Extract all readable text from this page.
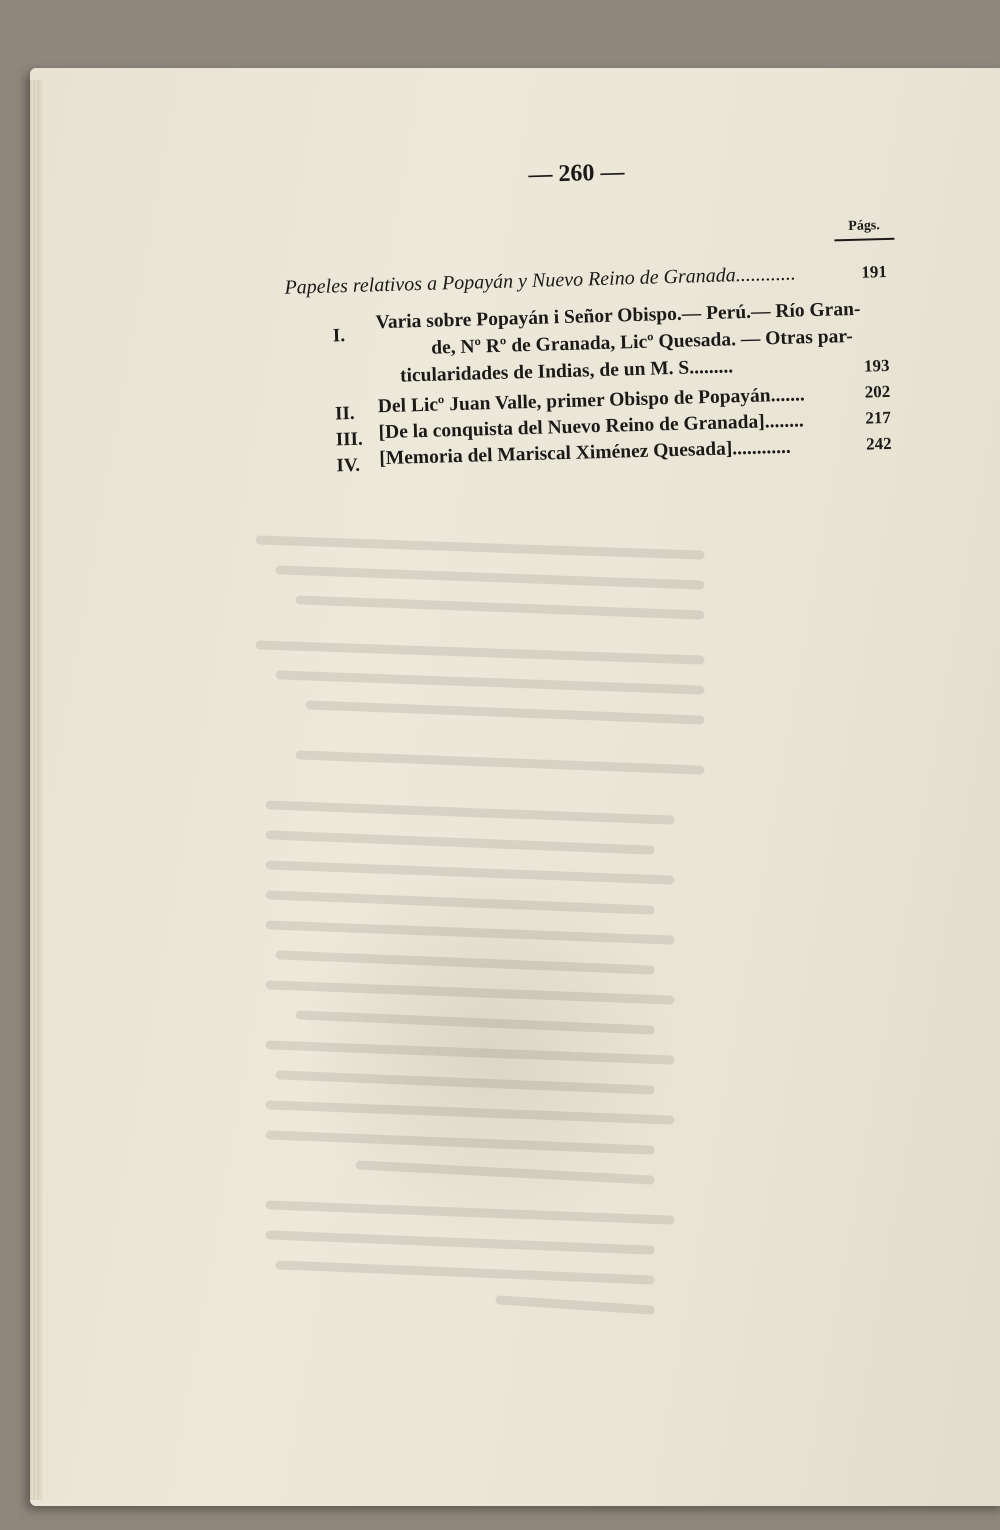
— 260 —
Págs.
Papeles relativos a Popayán y Nuevo Reino de Granada............	191
I.
Varia sobre Popayán i Señor Obispo.— Perú.— Río Gran-
de, Nº Rº de Granada, Licº Quesada. — Otras par-
ticularidades de Indias, de un M. S.........	193
II. Del Licº Juan Valle, primer Obispo de Popayán.......	202
III. [De la conquista del Nuevo Reino de Granada]........	217
IV. [Memoria del Mariscal Ximénez Quesada]............	242
